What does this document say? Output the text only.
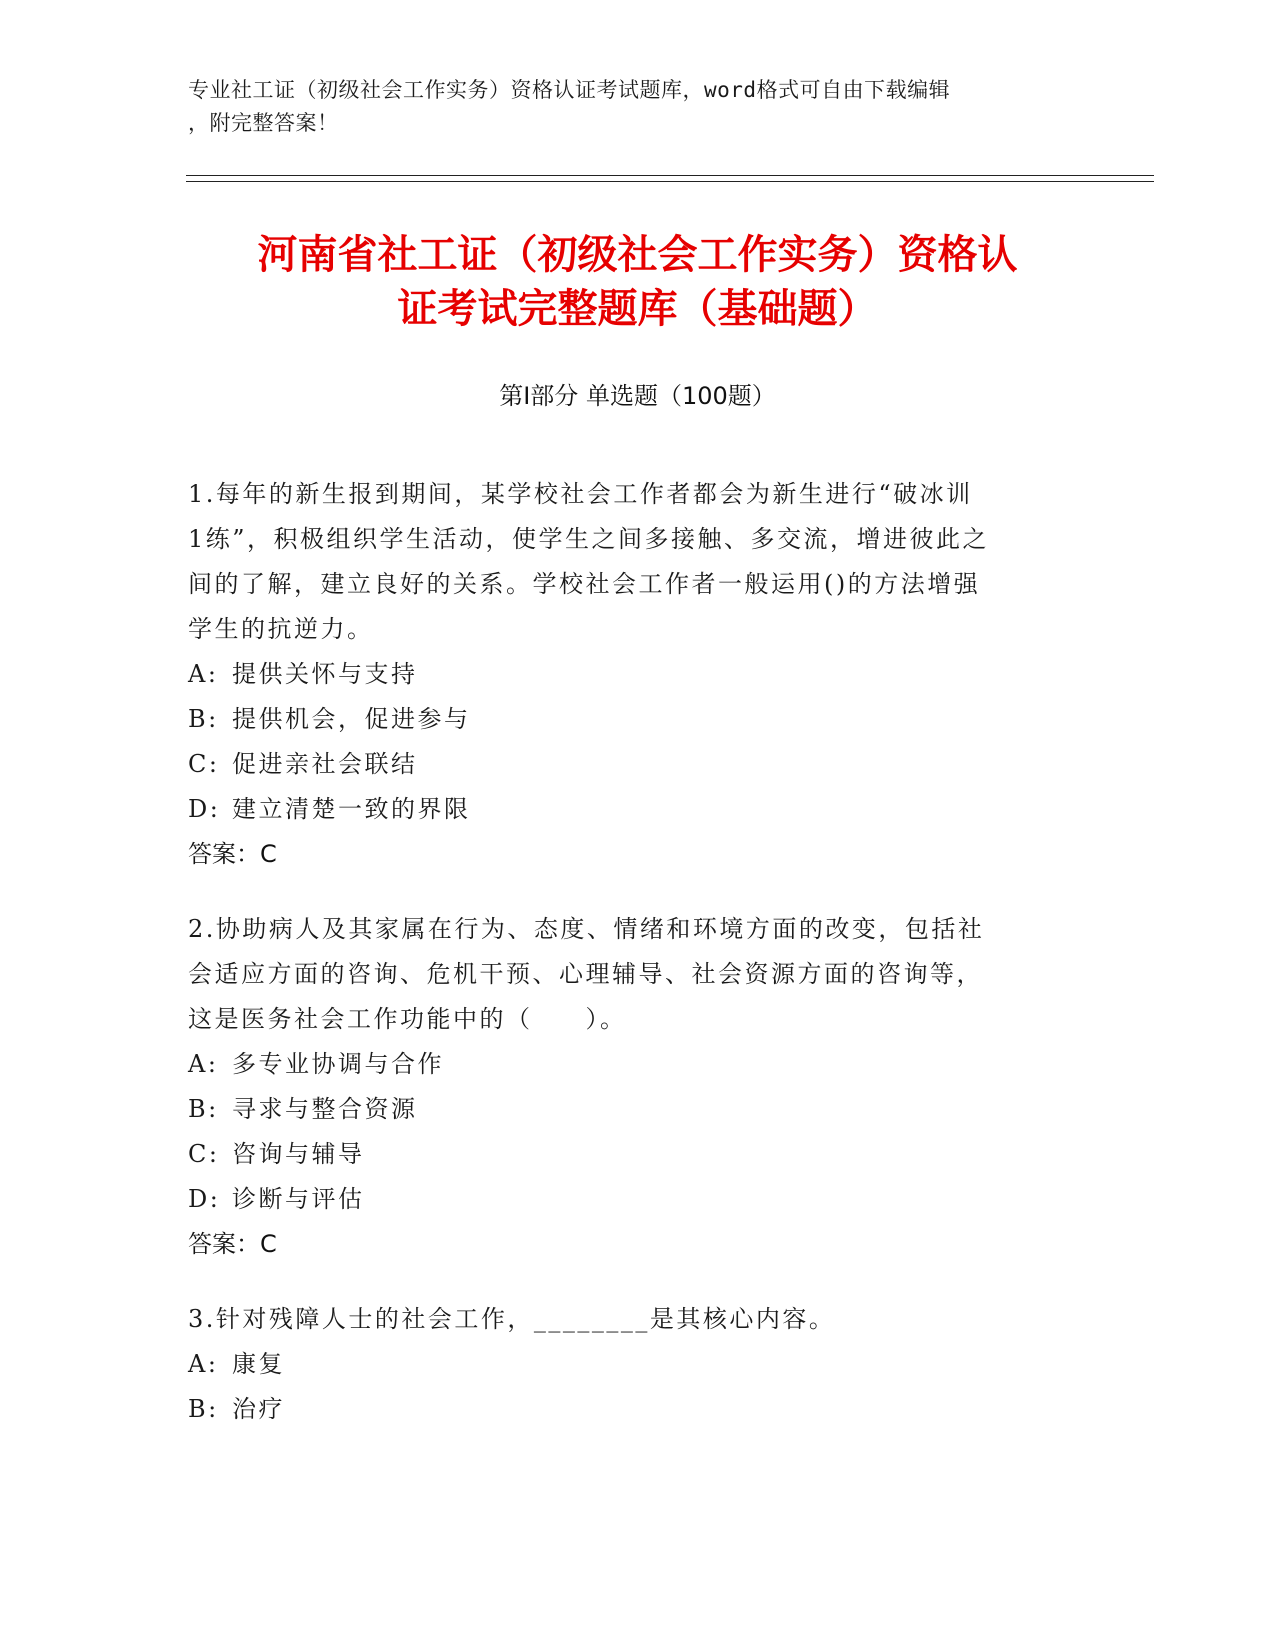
专业社工证（初级社会工作实务）资格认证考试题库，word格式可自由下载编辑
，附完整答案！
河南省社工证（初级社会工作实务）资格认
证考试完整题库（基础题）
第Ⅰ部分 单选题（100题）

1.每年的新生报到期间，某学校社会工作者都会为新生进行“破冰训

1练”，积极组织学生活动，使学生之间多接触、多交流，增进彼此之

间的了解，建立良好的关系。学校社会工作者一般运用()的方法增强

学生的抗逆力。

A: 提供关怀与支持

B: 提供机会，促进参与

C: 促进亲社会联结

D: 建立清楚一致的界限

答案：C

2.协助病人及其家属在行为、态度、情绪和环境方面的改变，包括社

会适应方面的咨询、危机干预、心理辅导、社会资源方面的咨询等，

这是医务社会工作功能中的（　　）。

A: 多专业协调与合作

B: 寻求与整合资源

C: 咨询与辅导

D: 诊断与评估

答案：C

3.针对残障人士的社会工作，________是其核心内容。

A: 康复

B: 治疗
